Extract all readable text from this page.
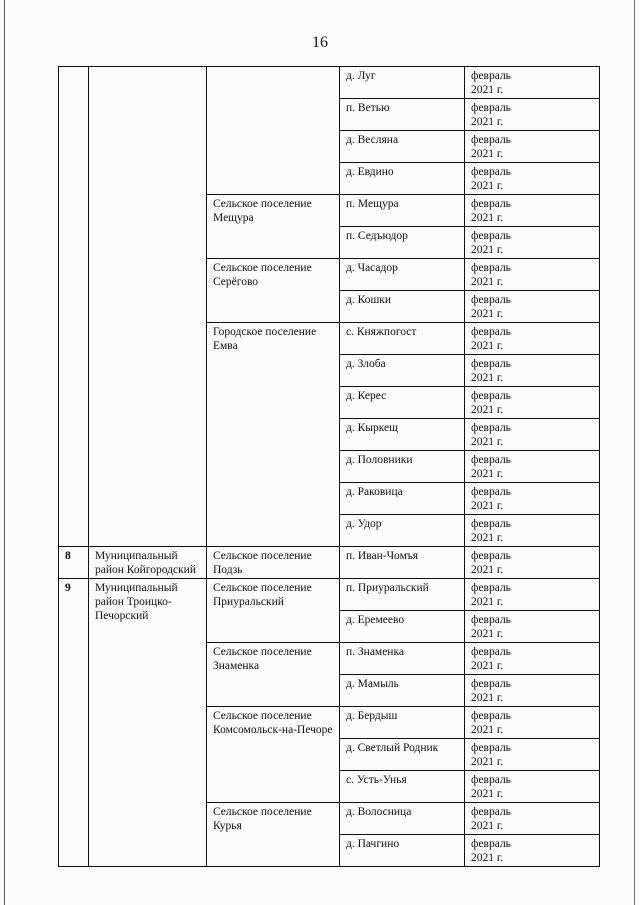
16
			д. Луг	февраль
2021 г.

			п. Ветью	февраль
2021 г.

			д. Весляна	февраль
2021 г.

			д. Евдино	февраль
2021 г.

		Сельское поселение Мещура	п. Мещура	февраль
2021 г.

			п. Седъюдор	февраль
2021 г.

		Сельское поселение Серёгово	д. Часадор	февраль
2021 г.

			д. Кошки	февраль
2021 г.

		Городское поселение Емва	с. Княжпогост	февраль
2021 г.

			д. Злоба	февраль
2021 г.

			д. Керес	февраль
2021 г.

			д. Кыркещ	февраль
2021 г.

			д. Половники	февраль
2021 г.

			д. Раковица	февраль
2021 г.

			д. Удор	февраль
2021 г.

8	Муниципальный район Койгородский	Сельское поселение Подзь	п. Иван-Чомъя	февраль
2021 г.

9	Муниципальный район Троицко-Печорский	Сельское поселение Приуральский	п. Приуральский	февраль
2021 г.

			д. Еремеево	февраль
2021 г.

		Сельское поселение Знаменка	п. Знаменка	февраль
2021 г.

			д. Мамыль	февраль
2021 г.

		Сельское поселение Комсомольск-на-Печоре	д. Бердыш	февраль
2021 г.

			д. Светлый Родник	февраль
2021 г.

			с. Усть-Унья	февраль
2021 г.

		Сельское поселение Курья	д. Волосница	февраль
2021 г.

			д. Пачгино	февраль
2021 г.
